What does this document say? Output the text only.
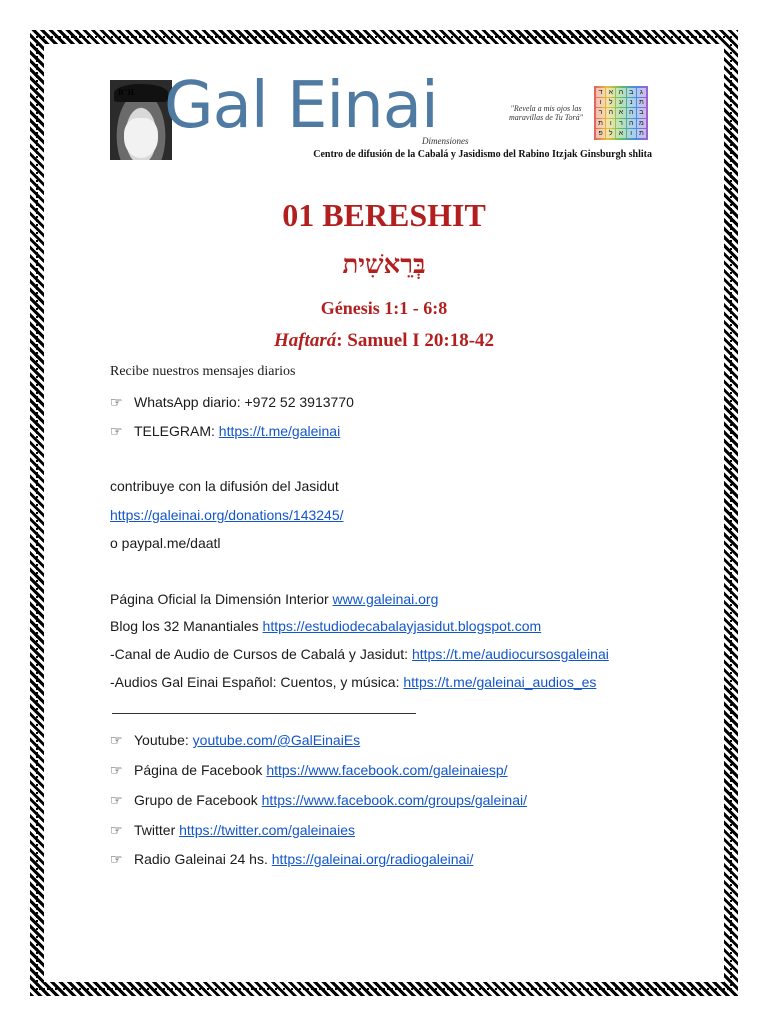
B"H Gal Einai
Dimensiones
"Revela a mis ojos las maravillas de Tu Torá"
ד א ה ב ג
ו	ל ע נ ת
ר ה א ה ב
ת ו	ר ה מ
פ ל א	ו ת
Centro de difusión de la Cabalá y Jasidismo del Rabino Itzjak Ginsburgh shlita
01 BERESHIT
בְּרֵאשִׁית
Génesis 1:1 - 6:8
Haftará: Samuel I 20:18-42
Recibe nuestros mensajes diarios
☞ WhatsApp diario: +972 52 3913770
☞ TELEGRAM: https://t.me/galeinai
contribuye con la difusión del Jasidut
https://galeinai.org/donations/143245/
o paypal.me/daatl
Página Oficial la Dimensión Interior www.galeinai.org
Blog los 32 Manantiales https://estudiodecabalayjasidut.blogspot.com
-Canal de Audio de Cursos de Cabalá y Jasidut: https://t.me/audiocursosgaleinai
-Audios Gal Einai Español: Cuentos, y música: https://t.me/galeinai_audios_es
☞ Youtube: youtube.com/@GalEinaiEs
☞ Página de Facebook https://www.facebook.com/galeinaiesp/
☞ Grupo de Facebook https://www.facebook.com/groups/galeinai/
☞ Twitter https://twitter.com/galeinaies
☞ Radio Galeinai 24 hs. https://galeinai.org/radiogaleinai/
